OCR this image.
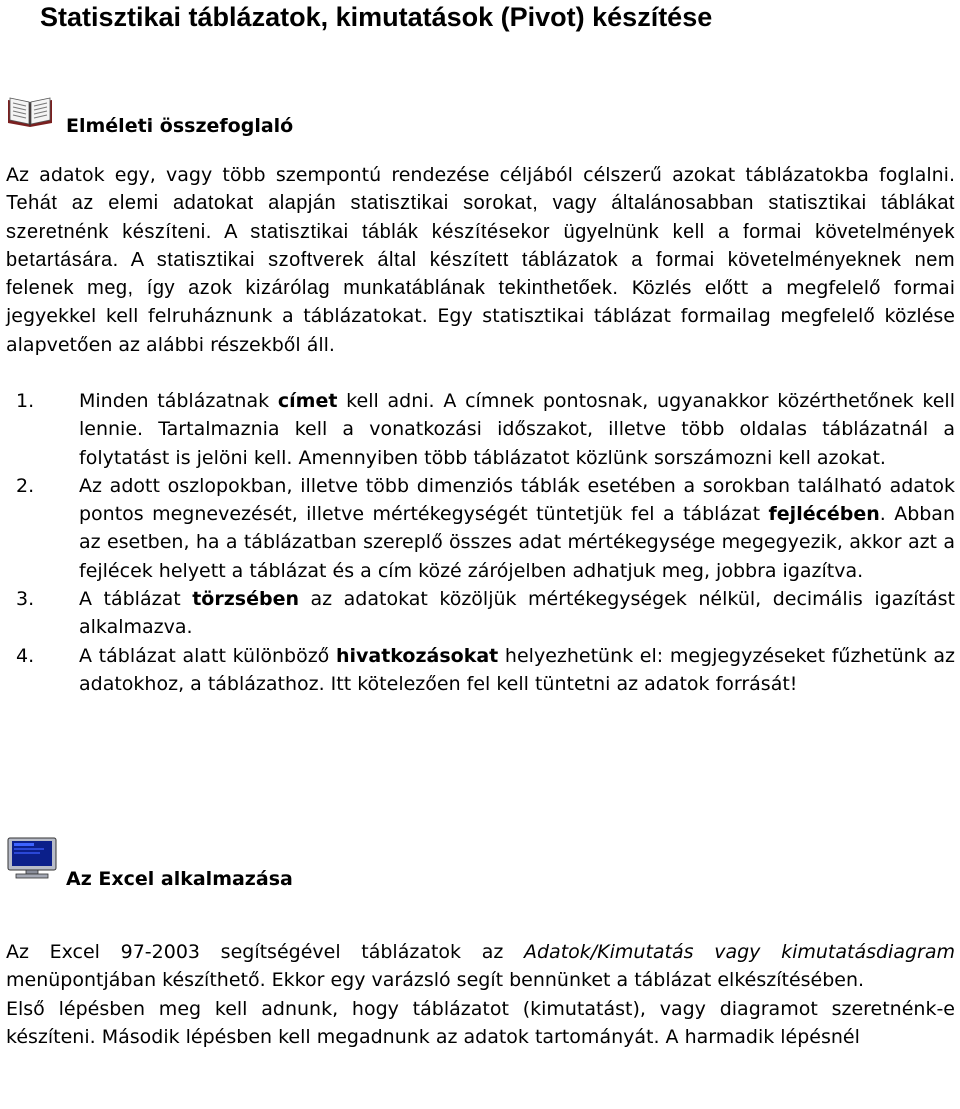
Statisztikai táblázatok, kimutatások (Pivot) készítése
Elméleti összefoglaló

Az adatok egy, vagy több szempontú rendezése céljából célszerű azokat táblázatokba foglalni. Tehát az elemi adatokat alapján statisztikai sorokat, vagy általánosabban statisztikai táblákat szeretnénk készíteni. A statisztikai táblák készítésekor ügyelnünk kell a formai követelmények betartására. A statisztikai szoftverek által készített táblázatok a formai követelményeknek nem felenek meg, így azok kizárólag munkatáblának tekinthetőek. Közlés előtt a megfelelő formai jegyekkel kell felruháznunk a táblázatokat. Egy statisztikai táblázat formailag megfelelő közlése alapvetően az alábbi részekből áll.

1. Minden táblázatnak címet kell adni. A címnek pontosnak, ugyanakkor közérthetőnek kell lennie. Tartalmaznia kell a vonatkozási időszakot, illetve több oldalas táblázatnál a folytatást is jelöni kell. Amennyiben több táblázatot közlünk sorszámozni kell azokat.
2. Az adott oszlopokban, illetve több dimenziós táblák esetében a sorokban található adatok pontos megnevezését, illetve mértékegységét tüntetjük fel a táblázat fejlécében. Abban az esetben, ha a táblázatban szereplő összes adat mértékegysége megegyezik, akkor azt a fejlécek helyett a táblázat és a cím közé zárójelben adhatjuk meg, jobbra igazítva.
3. A táblázat törzsében az adatokat közöljük mértékegységek nélkül, decimális igazítást alkalmazva.
4. A táblázat alatt különböző hivatkozásokat helyezhetünk el: megjegyzéseket fűzhetünk az adatokhoz, a táblázathoz. Itt kötelezően fel kell tüntetni az adatok forrását!
Az Excel alkalmazása
Az Excel 97-2003 segítségével táblázatok az Adatok/Kimutatás vagy kimutatásdiagram menüpontjában készíthető. Ekkor egy varázsló segít bennünket a táblázat elkészítésében.
Első lépésben meg kell adnunk, hogy táblázatot (kimutatást), vagy diagramot szeretnénk-e készíteni. Második lépésben kell megadnunk az adatok tartományát. A harmadik lépésnél
